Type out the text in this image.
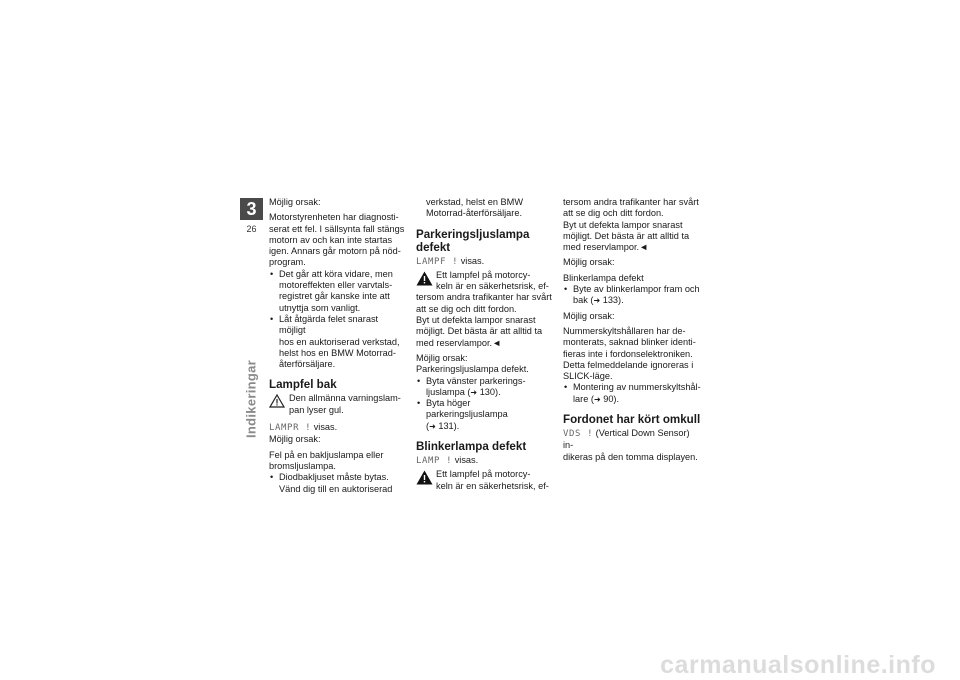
3
26
Indikeringar

Möjlig orsak:

Motorstyrenheten har diagnosti-
serat ett fel. I sällsynta fall stängs
motorn av och kan inte startas
igen. Annars går motorn på nöd-
program.

• Det går att köra vidare, men
motoreffekten eller varvtals-
registret går kanske inte att
utnyttja som vanligt.

• Låt åtgärda felet snarast möjligt
hos en auktoriserad verkstad,
helst hos en BMW Motorrad-
återförsäljare.

Lampfel bak
Den allmänna varningslam-
pan lyser gul.

LAMPR ! visas.

Möjlig orsak:

Fel på en bakljuslampa eller
bromsljuslampa.

• Diodbakljuset måste bytas.
Vänd dig till en auktoriserad

verkstad, helst en BMW
Motorrad-återförsäljare.

Parkeringsljuslampa
defekt

LAMPF ! visas.

Ett lampfel på motorcy-
keln är en säkerhetsrisk, ef-

tersom andra trafikanter har svårt
att se dig och ditt fordon.
Byt ut defekta lampor snarast
möjligt. Det bästa är att alltid ta
med reservlampor.◄

Möjlig orsak:

Parkeringsljuslampa defekt.

• Byta vänster parkerings-
ljuslampa (➜ 130).

• Byta höger parkeringsljuslampa
(➜ 131).

Blinkerlampa defekt

LAMP ! visas.

Ett lampfel på motorcy-
keln är en säkerhetsrisk, ef-

tersom andra trafikanter har svårt
att se dig och ditt fordon.
Byt ut defekta lampor snarast
möjligt. Det bästa är att alltid ta
med reservlampor.◄

Möjlig orsak:

Blinkerlampa defekt

• Byte av blinkerlampor fram och
bak (➜ 133).

Möjlig orsak:

Nummerskyltshållaren har de-
monterats, saknad blinker identi-
fieras inte i fordonselektroniken.
Detta felmeddelande ignoreras i
SLICK-läge.

• Montering av nummerskyltshål-
lare (➜ 90).

Fordonet har kört omkull

VDS ! (Vertical Down Sensor) in-
dikeras på den tomma displayen.

carmanualsonline.info
